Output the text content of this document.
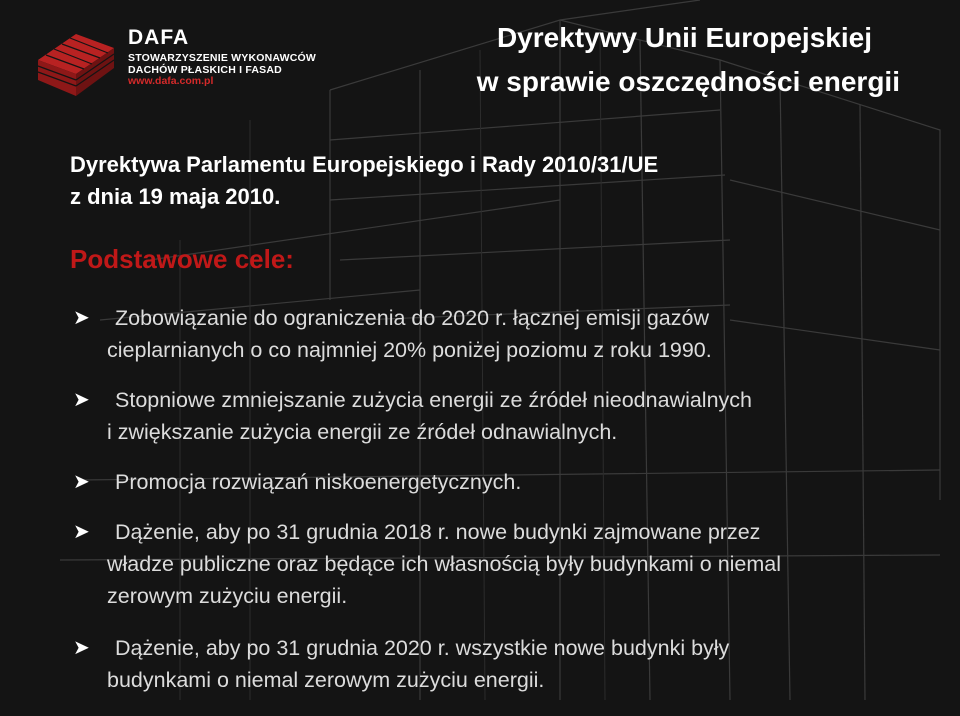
DAFA
STOWARZYSZENIE WYKONAWCÓW
DACHÓW PŁASKICH I FASAD
www.dafa.com.pl
Dyrektywy Unii Europejskiej
w sprawie oszczędności energii
Dyrektywa Parlamentu Europejskiego i Rady 2010/31/UE
z dnia 19 maja 2010.
Podstawowe cele:
➤	Zobowiązanie do ograniczenia do 2020 r. łącznej emisji gazów
cieplarnianych o co najmniej 20% poniżej poziomu z roku 1990.
➤	Stopniowe zmniejszanie zużycia energii ze źródeł nieodnawialnych
i zwiększanie zużycia energii ze źródeł odnawialnych.
➤	Promocja rozwiązań niskoenergetycznych.
➤	Dążenie, aby po 31 grudnia 2018 r. nowe budynki zajmowane przez
władze publiczne oraz będące ich własnością były budynkami o niemal
zerowym zużyciu energii.
➤	Dążenie, aby po 31 grudnia 2020 r. wszystkie nowe budynki były
budynkami o niemal zerowym zużyciu energii.
